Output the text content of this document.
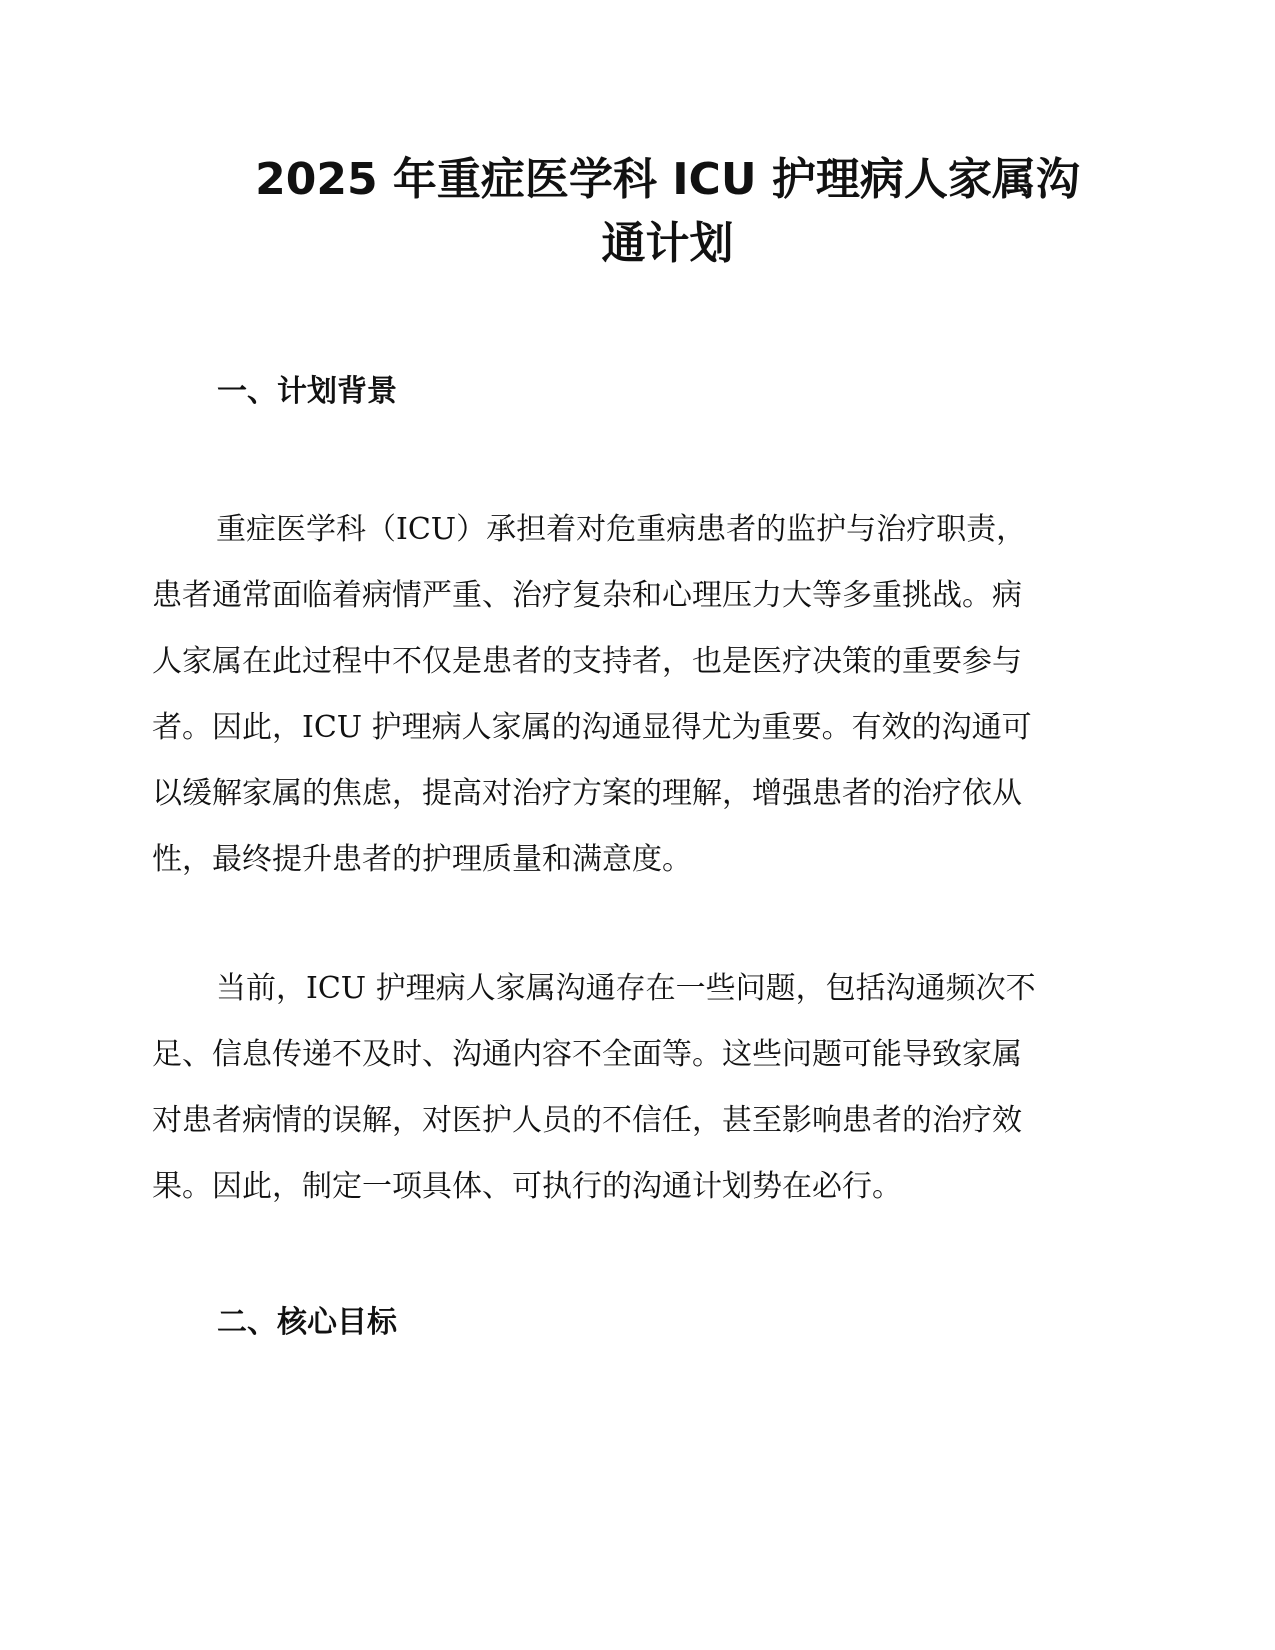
2025 年重症医学科 ICU 护理病人家属沟
通计划
一、计划背景

重症医学科（ICU）承担着对危重病患者的监护与治疗职责，
患者通常面临着病情严重、治疗复杂和心理压力大等多重挑战。病
人家属在此过程中不仅是患者的支持者，也是医疗决策的重要参与
者。因此，ICU 护理病人家属的沟通显得尤为重要。有效的沟通可
以缓解家属的焦虑，提高对治疗方案的理解，增强患者的治疗依从
性，最终提升患者的护理质量和满意度。

当前，ICU 护理病人家属沟通存在一些问题，包括沟通频次不
足、信息传递不及时、沟通内容不全面等。这些问题可能导致家属
对患者病情的误解，对医护人员的不信任，甚至影响患者的治疗效
果。因此，制定一项具体、可执行的沟通计划势在必行。

二、核心目标
